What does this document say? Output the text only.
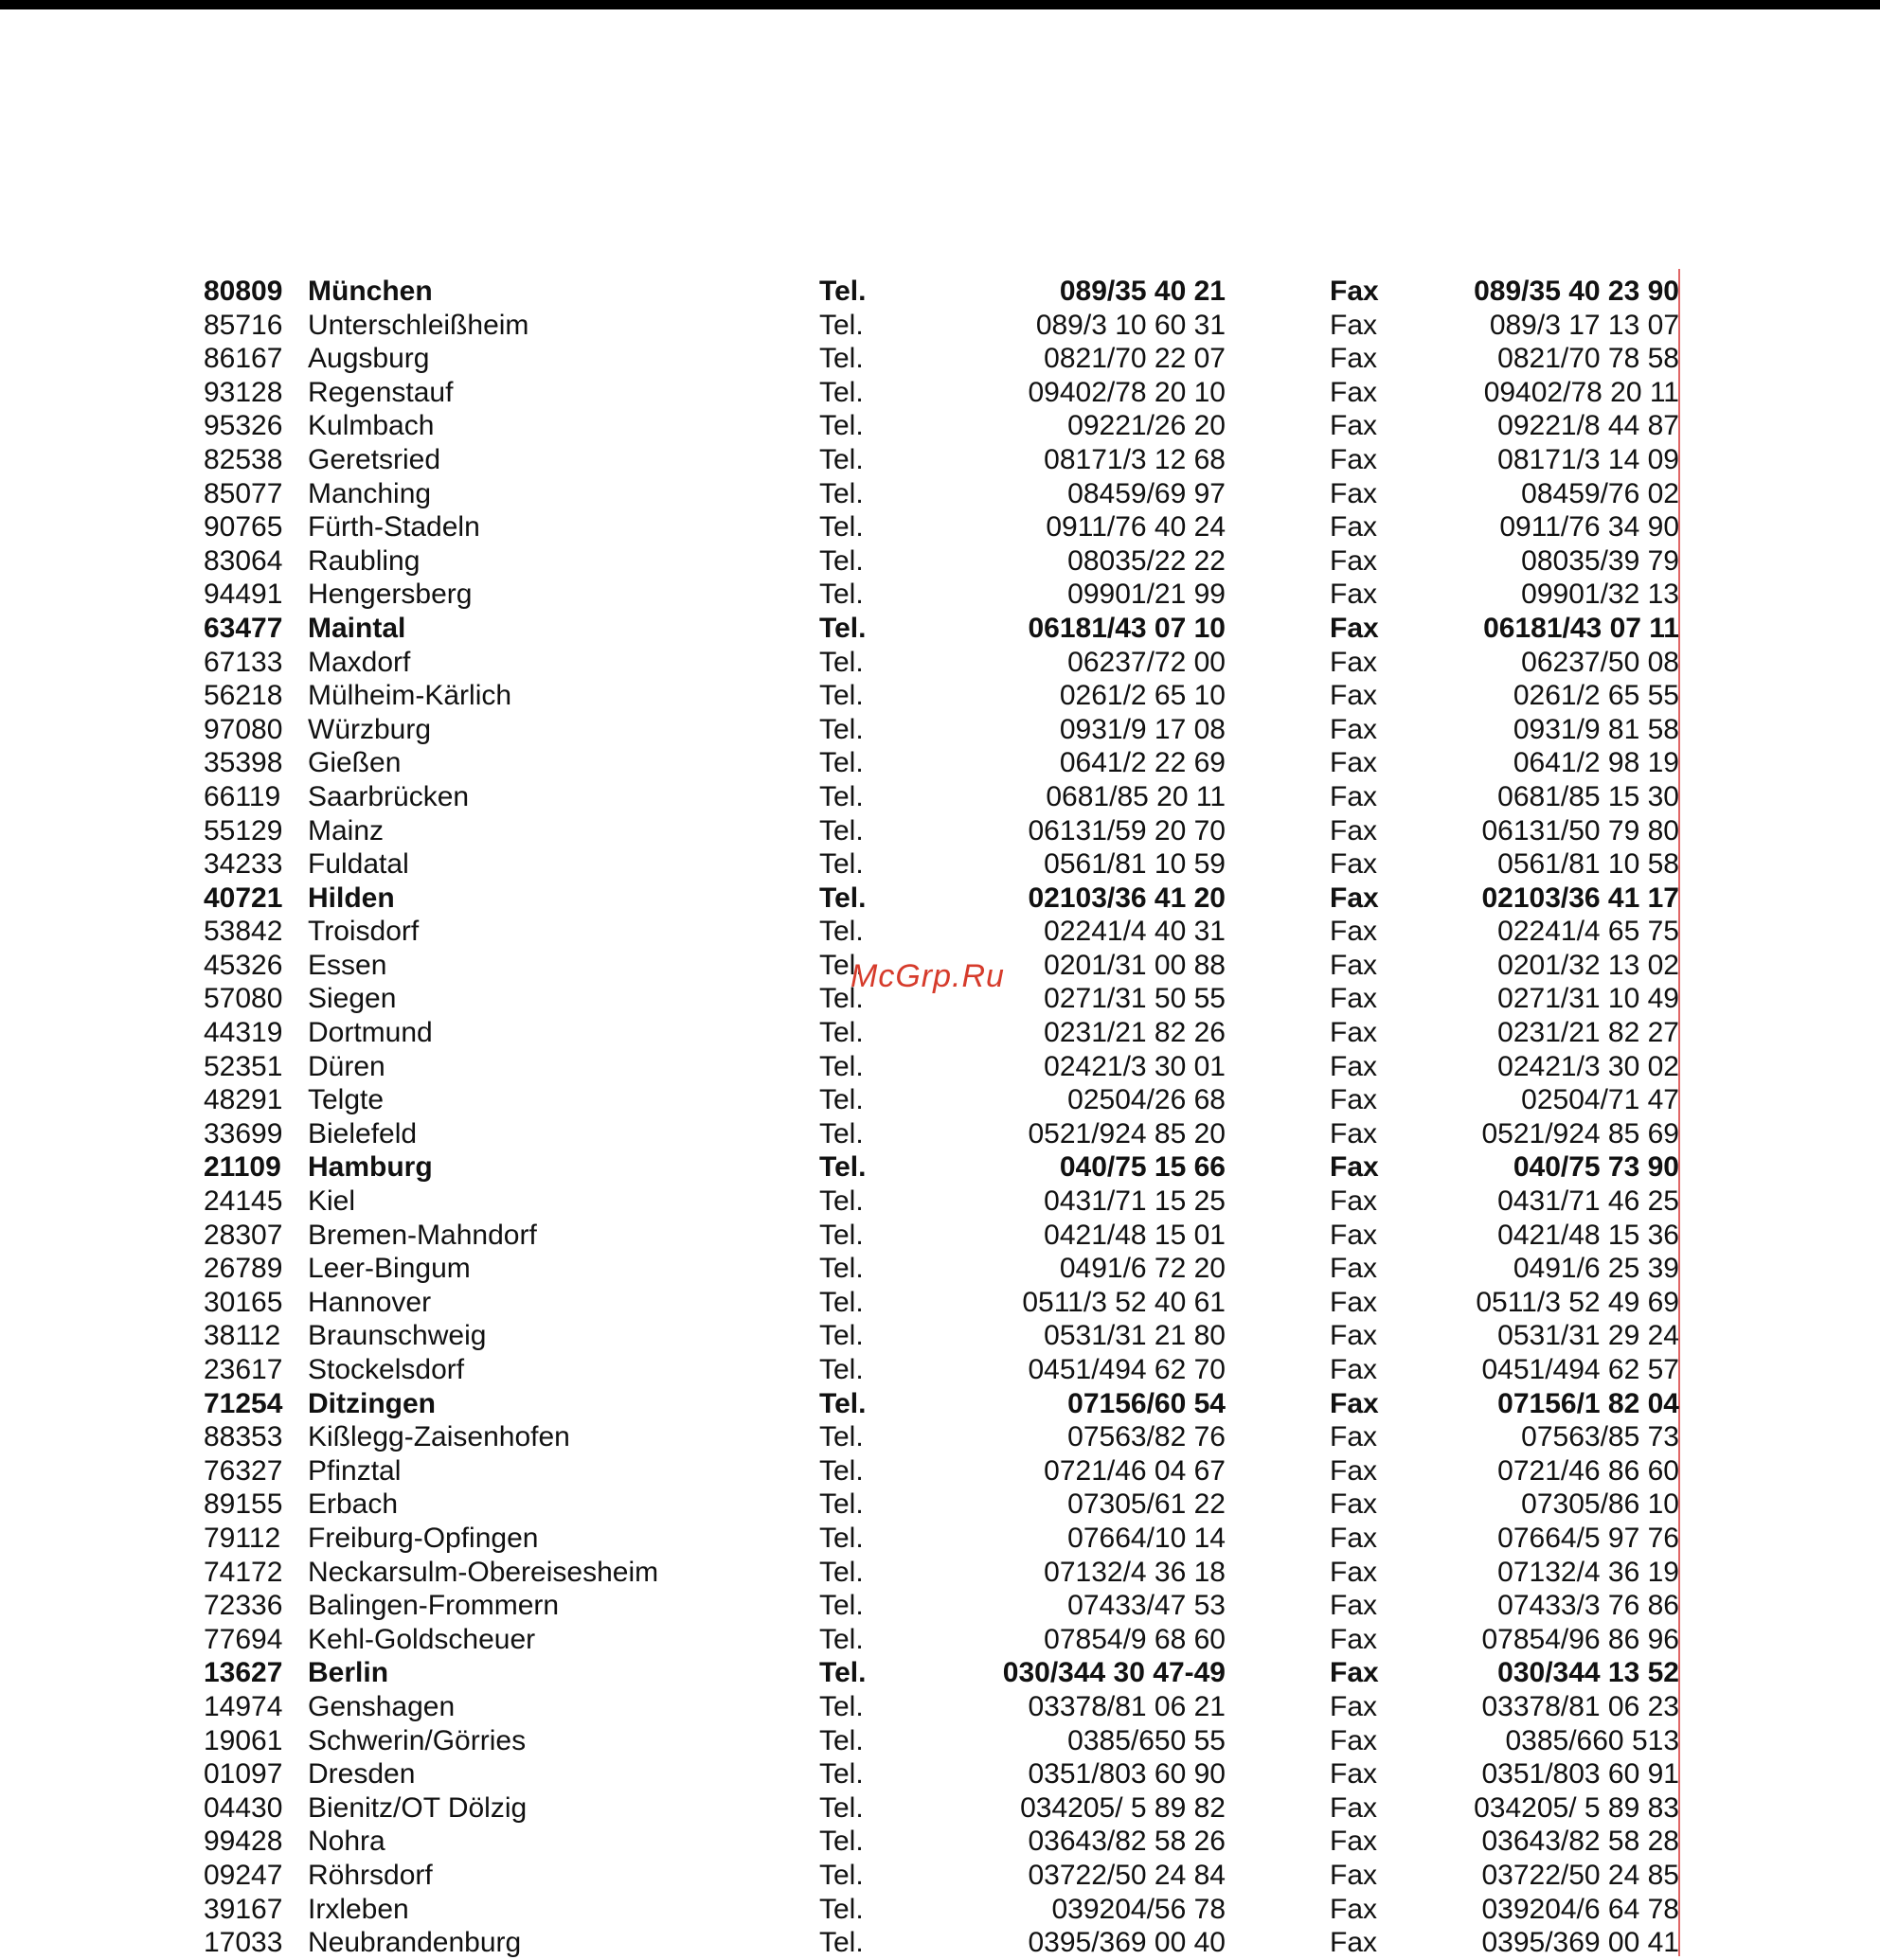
80809 München	Tel.	089/35 40 21	Fax	089/35 40 23 90
85716 Unterschleißheim	Tel.	089/3 10 60 31	Fax	089/3 17 13 07
86167 Augsburg	Tel.	0821/70 22 07	Fax	0821/70 78 58
93128 Regenstauf	Tel.	09402/78 20 10	Fax	09402/78 20 11
95326 Kulmbach	Tel.	09221/26 20	Fax	09221/8 44 87
82538 Geretsried	Tel.	08171/3 12 68	Fax	08171/3 14 09
85077 Manching	Tel.	08459/69 97	Fax	08459/76 02
90765 Fürth-Stadeln	Tel.	0911/76 40 24	Fax	0911/76 34 90
83064 Raubling	Tel.	08035/22 22	Fax	08035/39 79
94491 Hengersberg	Tel.	09901/21 99	Fax	09901/32 13
63477 Maintal	Tel.	06181/43 07 10	Fax	06181/43 07 11
67133 Maxdorf	Tel.	06237/72 00	Fax	06237/50 08
56218 Mülheim-Kärlich	Tel.	0261/2 65 10	Fax	0261/2 65 55
97080 Würzburg	Tel.	0931/9 17 08	Fax	0931/9 81 58
35398 Gießen	Tel.	0641/2 22 69	Fax	0641/2 98 19
66119 Saarbrücken	Tel.	0681/85 20 11	Fax	0681/85 15 30
55129 Mainz	Tel.	06131/59 20 70	Fax	06131/50 79 80
34233 Fuldatal	Tel.	0561/81 10 59	Fax	0561/81 10 58
40721 Hilden	Tel.	02103/36 41 20	Fax	02103/36 41 17
53842 Troisdorf	Tel.	02241/4 40 31	Fax	02241/4 65 75
45326 Essen	Tel.	0201/31 00 88	Fax	0201/32 13 02
57080 Siegen	Tel.	0271/31 50 55	Fax	0271/31 10 49
44319 Dortmund	Tel.	0231/21 82 26	Fax	0231/21 82 27
52351 Düren	Tel.	02421/3 30 01	Fax	02421/3 30 02
48291 Telgte	Tel.	02504/26 68	Fax	02504/71 47
33699 Bielefeld	Tel.	0521/924 85 20	Fax	0521/924 85 69
21109 Hamburg	Tel.	040/75 15 66	Fax	040/75 73 90
24145 Kiel	Tel.	0431/71 15 25	Fax	0431/71 46 25
28307 Bremen-Mahndorf	Tel.	0421/48 15 01	Fax	0421/48 15 36
26789 Leer-Bingum	Tel.	0491/6 72 20	Fax	0491/6 25 39
30165 Hannover	Tel.	0511/3 52 40 61	Fax	0511/3 52 49 69
38112 Braunschweig	Tel.	0531/31 21 80	Fax	0531/31 29 24
23617 Stockelsdorf	Tel.	0451/494 62 70	Fax	0451/494 62 57
71254 Ditzingen	Tel.	07156/60 54	Fax	07156/1 82 04
88353 Kißlegg-Zaisenhofen	Tel.	07563/82 76	Fax	07563/85 73
76327 Pfinztal	Tel.	0721/46 04 67	Fax	0721/46 86 60
89155 Erbach	Tel.	07305/61 22	Fax	07305/86 10
79112 Freiburg-Opfingen	Tel.	07664/10 14	Fax	07664/5 97 76
74172 Neckarsulm-Obereisesheim	Tel.	07132/4 36 18	Fax	07132/4 36 19
72336 Balingen-Frommern	Tel.	07433/47 53	Fax	07433/3 76 86
77694 Kehl-Goldscheuer	Tel.	07854/9 68 60	Fax	07854/96 86 96
13627 Berlin	Tel.	030/344 30 47-49	Fax	030/344 13 52
14974 Genshagen	Tel.	03378/81 06 21	Fax	03378/81 06 23
19061 Schwerin/Görries	Tel.	0385/650 55	Fax	0385/660 513
01097 Dresden	Tel.	0351/803 60 90	Fax	0351/803 60 91
04430 Bienitz/OT Dölzig	Tel.	034205/ 5 89 82	Fax	034205/ 5 89 83
99428 Nohra	Tel.	03643/82 58 26	Fax	03643/82 58 28
09247 Röhrsdorf	Tel.	03722/50 24 84	Fax	03722/50 24 85
39167 Irxleben	Tel.	039204/56 78	Fax	039204/6 64 78
17033 Neubrandenburg	Tel.	0395/369 00 40	Fax	0395/369 00 41
McGrp.Ru
